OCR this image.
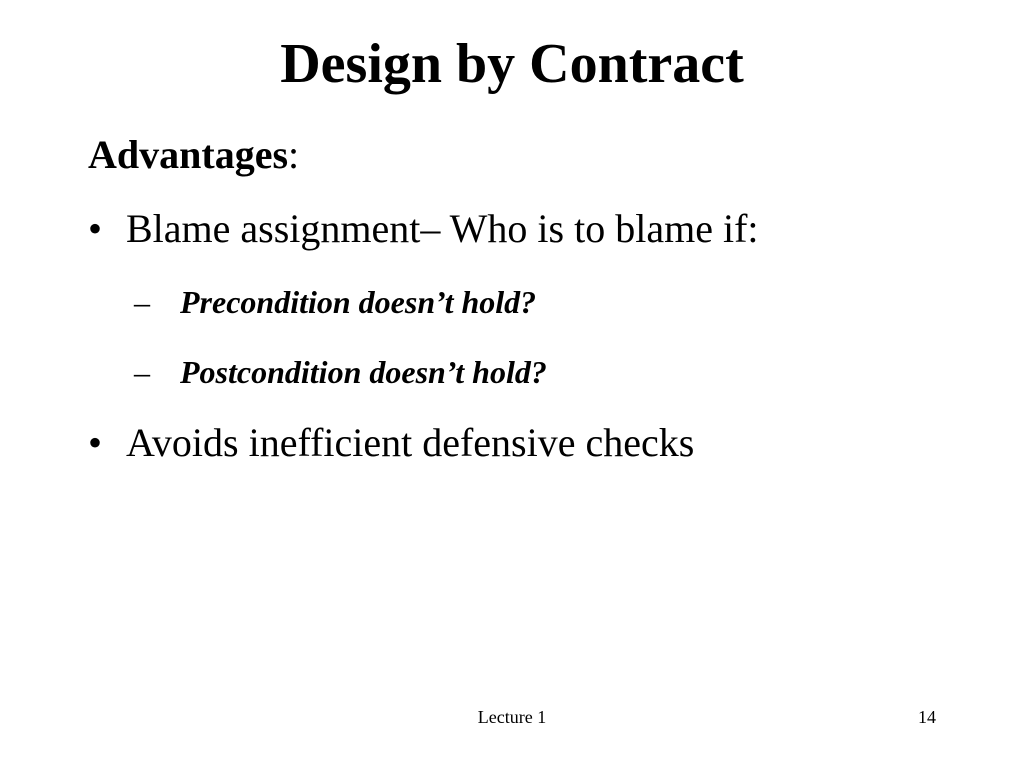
Design by Contract
Advantages:
• Blame assignment– Who is to blame if:
– Precondition doesn’t hold?
– Postcondition doesn’t hold?
• Avoids inefficient defensive checks
Lecture 1	14
